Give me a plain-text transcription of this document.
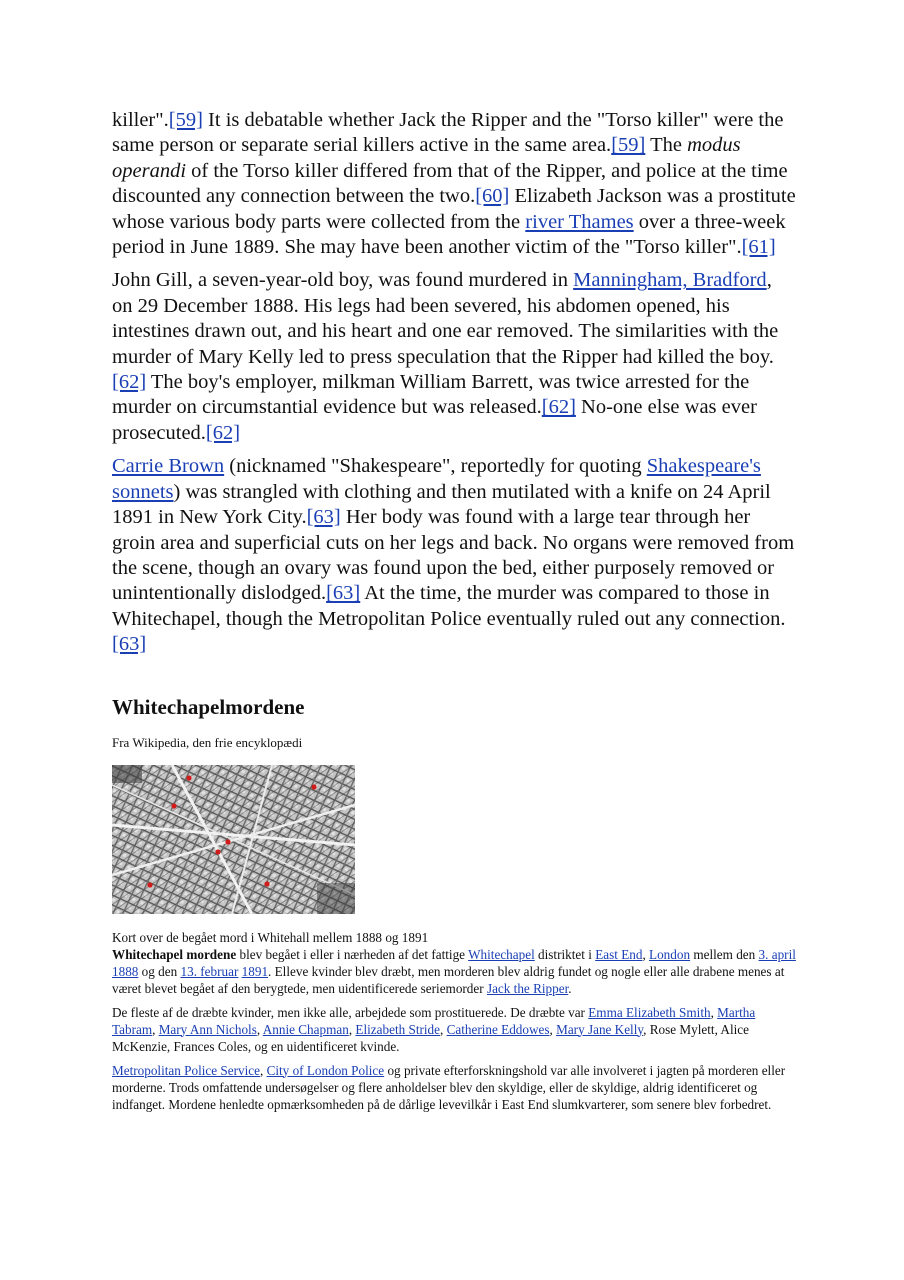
killer".[59] It is debatable whether Jack the Ripper and the "Torso killer" were the same person or separate serial killers active in the same area.[59] The modus operandi of the Torso killer differed from that of the Ripper, and police at the time discounted any connection between the two.[60] Elizabeth Jackson was a prostitute whose various body parts were collected from the river Thames over a three-week period in June 1889. She may have been another victim of the "Torso killer".[61]

John Gill, a seven-year-old boy, was found murdered in Manningham, Bradford, on 29 December 1888. His legs had been severed, his abdomen opened, his intestines drawn out, and his heart and one ear removed. The similarities with the murder of Mary Kelly led to press speculation that the Ripper had killed the boy.[62] The boy's employer, milkman William Barrett, was twice arrested for the murder on circumstantial evidence but was released.[62] No-one else was ever prosecuted.[62]

Carrie Brown (nicknamed "Shakespeare", reportedly for quoting Shakespeare's sonnets) was strangled with clothing and then mutilated with a knife on 24 April 1891 in New York City.[63] Her body was found with a large tear through her groin area and superficial cuts on her legs and back. No organs were removed from the scene, though an ovary was found upon the bed, either purposely removed or unintentionally dislodged.[63] At the time, the murder was compared to those in Whitechapel, though the Metropolitan Police eventually ruled out any connection.[63]

Whitechapelmordene
Fra Wikipedia, den frie encyklopædi
Kort over de begået mord i Whitehall mellem 1888 og 1891

Whitechapel mordene blev begået i eller i nærheden af det fattige Whitechapel distriktet i East End, London mellem den 3. april 1888 og den 13. februar 1891. Elleve kvinder blev dræbt, men morderen blev aldrig fundet og nogle eller alle drabene menes at været blevet begået af den berygtede, men uidentificerede seriemorder Jack the Ripper.

De fleste af de dræbte kvinder, men ikke alle, arbejdede som prostituerede. De dræbte var Emma Elizabeth Smith, Martha Tabram, Mary Ann Nichols, Annie Chapman, Elizabeth Stride, Catherine Eddowes, Mary Jane Kelly, Rose Mylett, Alice McKenzie, Frances Coles, og en uidentificeret kvinde.

Metropolitan Police Service, City of London Police og private efterforskningshold var alle involveret i jagten på morderen eller morderne. Trods omfattende undersøgelser og flere anholdelser blev den skyldige, eller de skyldige, aldrig identificeret og indfanget. Mordene henledte opmærksomheden på de dårlige levevilkår i East End slumkvarterer, som senere blev forbedret.
